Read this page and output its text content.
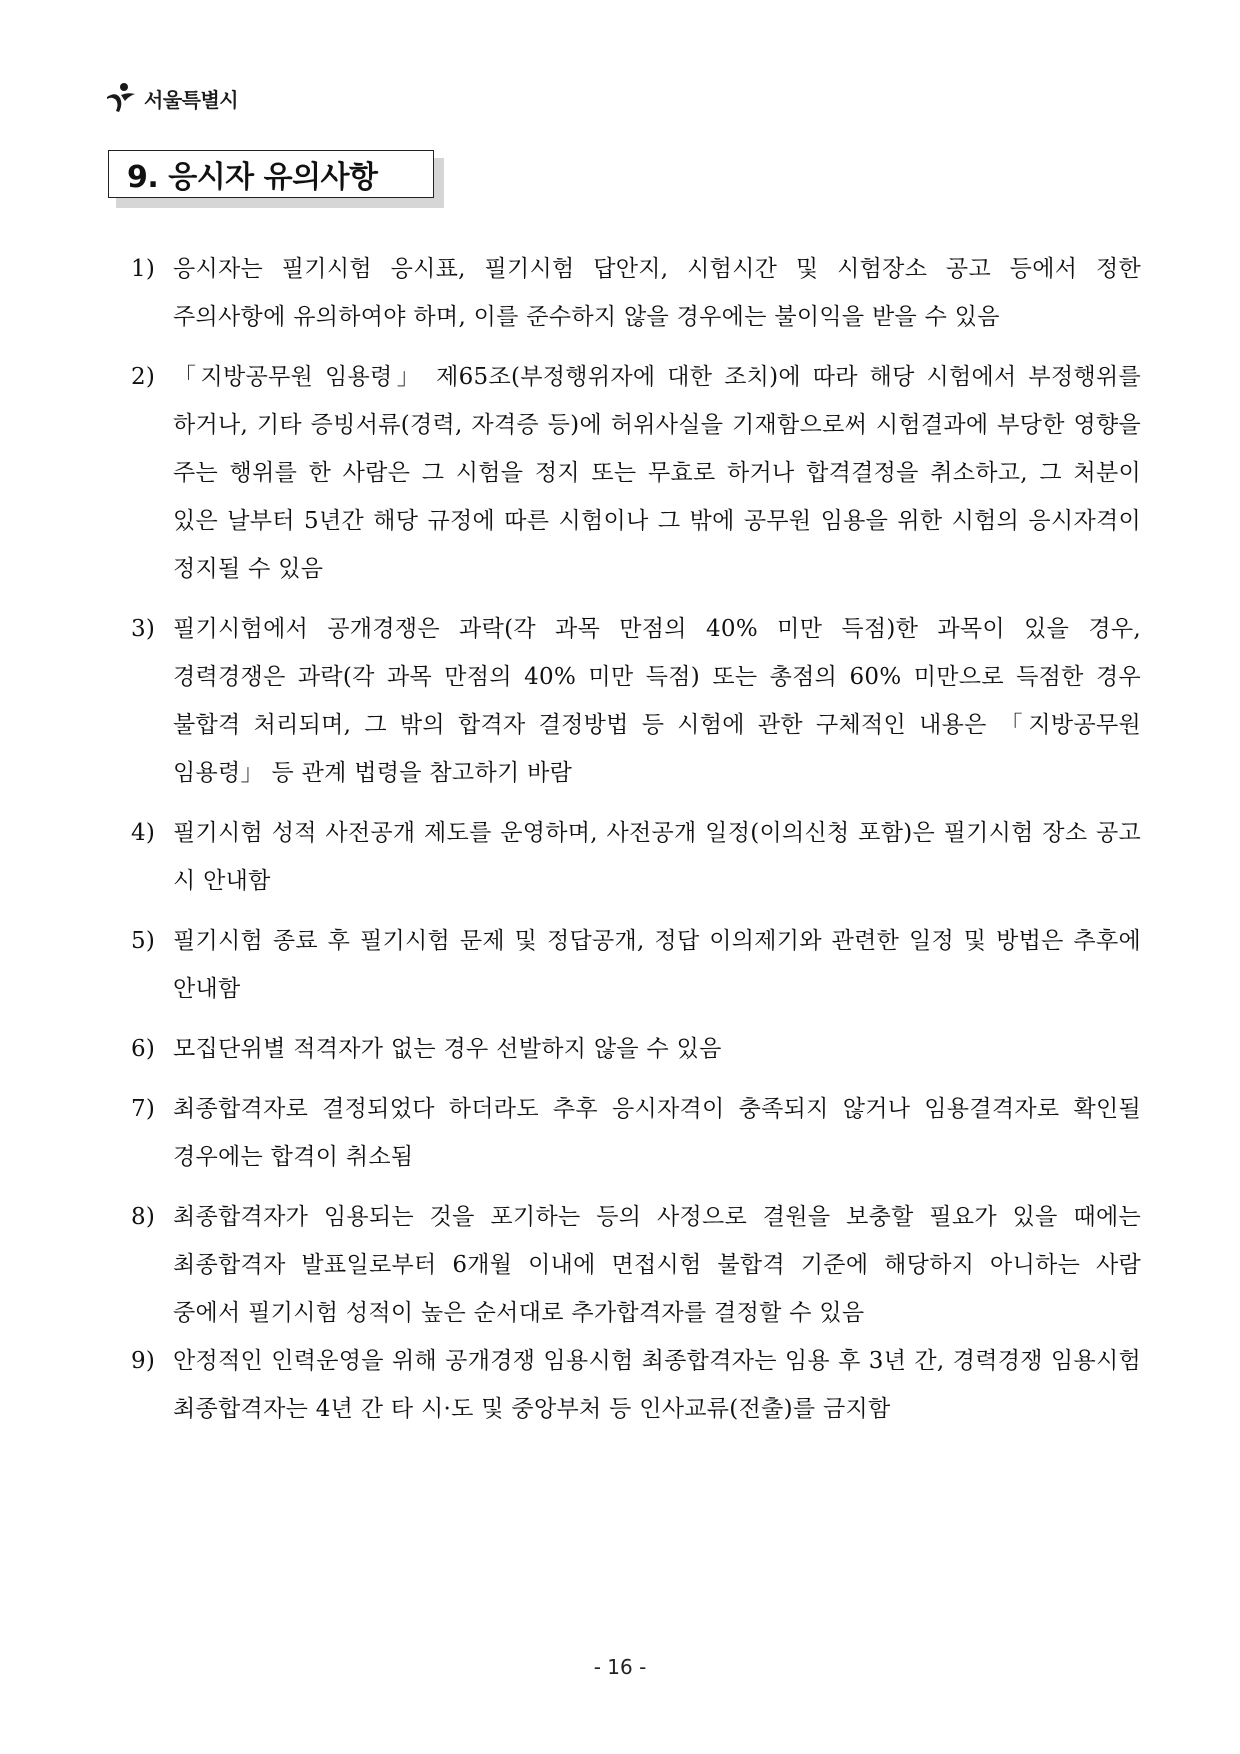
서울특별시
9. 응시자 유의사항
1) 응시자는 필기시험 응시표, 필기시험 답안지, 시험시간 및 시험장소 공고 등에서 정한 주의사항에 유의하여야 하며, 이를 준수하지 않을 경우에는 불이익을 받을 수 있음
2) 「지방공무원 임용령」 제65조(부정행위자에 대한 조치)에 따라 해당 시험에서 부정행위를 하거나, 기타 증빙서류(경력, 자격증 등)에 허위사실을 기재함으로써 시험결과에 부당한 영향을 주는 행위를 한 사람은 그 시험을 정지 또는 무효로 하거나 합격결정을 취소하고, 그 처분이 있은 날부터 5년간 해당 규정에 따른 시험이나 그 밖에 공무원 임용을 위한 시험의 응시자격이 정지될 수 있음
3) 필기시험에서 공개경쟁은 과락(각 과목 만점의 40% 미만 득점)한 과목이 있을 경우, 경력경쟁은 과락(각 과목 만점의 40% 미만 득점) 또는 총점의 60% 미만으로 득점한 경우 불합격 처리되며, 그 밖의 합격자 결정방법 등 시험에 관한 구체적인 내용은 「지방공무원 임용령」 등 관계 법령을 참고하기 바람
4) 필기시험 성적 사전공개 제도를 운영하며, 사전공개 일정(이의신청 포함)은 필기시험 장소 공고 시 안내함
5) 필기시험 종료 후 필기시험 문제 및 정답공개, 정답 이의제기와 관련한 일정 및 방법은 추후에 안내함
6) 모집단위별 적격자가 없는 경우 선발하지 않을 수 있음
7) 최종합격자로 결정되었다 하더라도 추후 응시자격이 충족되지 않거나 임용결격자로 확인될 경우에는 합격이 취소됨
8) 최종합격자가 임용되는 것을 포기하는 등의 사정으로 결원을 보충할 필요가 있을 때에는 최종합격자 발표일로부터 6개월 이내에 면접시험 불합격 기준에 해당하지 아니하는 사람 중에서 필기시험 성적이 높은 순서대로 추가합격자를 결정할 수 있음
9) 안정적인 인력운영을 위해 공개경쟁 임용시험 최종합격자는 임용 후 3년 간, 경력경쟁 임용시험 최종합격자는 4년 간 타 시·도 및 중앙부처 등 인사교류(전출)를 금지함
- 16 -
